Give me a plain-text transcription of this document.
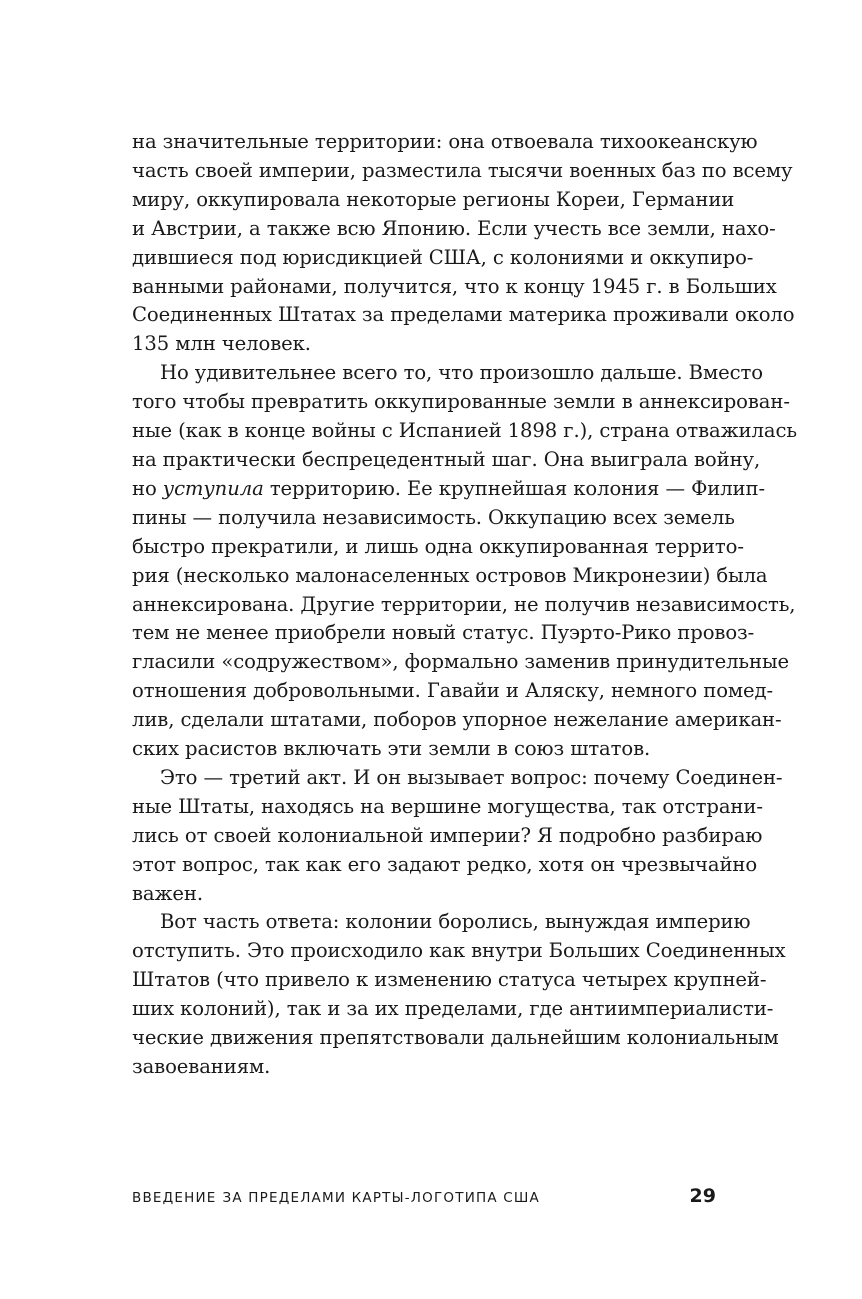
на значительные территории: она отвоевала тихоокеанскую
часть своей империи, разместила тысячи военных баз по всему
миру, оккупировала некоторые регионы Кореи, Германии
и Австрии, а также всю Японию. Если учесть все земли, нахо-
дившиеся под юрисдикцией США, с колониями и оккупиро-
ванными районами, получится, что к концу 1945 г. в Больших
Соединенных Штатах за пределами материка проживали около
135 млн человек.
Но удивительнее всего то, что произошло дальше. Вместо
того чтобы превратить оккупированные земли в аннексирован-
ные (как в конце войны с Испанией 1898 г.), страна отважилась
на практически беспрецедентный шаг. Она выиграла войну,
но уступила территорию. Ее крупнейшая колония — Филип-
пины — получила независимость. Оккупацию всех земель
быстро прекратили, и лишь одна оккупированная террито-
рия (несколько малонаселенных островов Микронезии) была
аннексирована. Другие территории, не получив независимость,
тем не менее приобрели новый статус. Пуэрто-Рико провоз-
гласили «содружеством», формально заменив принудительные
отношения добровольными. Гавайи и Аляску, немного помед-
лив, сделали штатами, поборов упорное нежелание американ-
ских расистов включать эти земли в союз штатов.
Это — третий акт. И он вызывает вопрос: почему Соединен-
ные Штаты, находясь на вершине могущества, так отстрани-
лись от своей колониальной империи? Я подробно разбираю
этот вопрос, так как его задают редко, хотя он чрезвычайно
важен.
Вот часть ответа: колонии боролись, вынуждая империю
отступить. Это происходило как внутри Больших Соединенных
Штатов (что привело к изменению статуса четырех крупней-
ших колоний), так и за их пределами, где антиимпериалисти-
ческие движения препятствовали дальнейшим колониальным
завоеваниям.
ВВЕДЕНИЕ ЗА ПРЕДЕЛАМИ КАРТЫ-ЛОГОТИПА США	29
